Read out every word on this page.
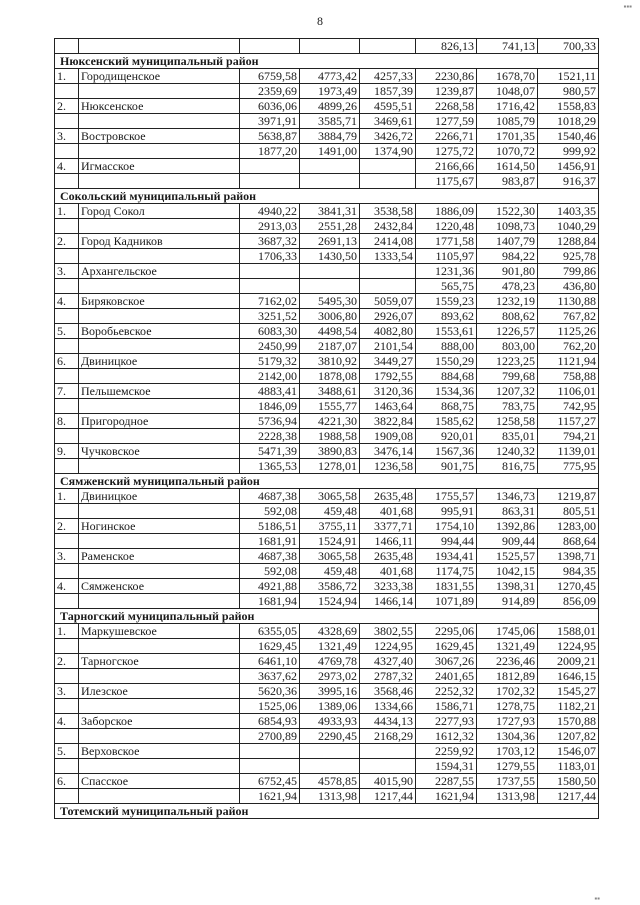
8
					826,13	741,13	700,33
Нюксенский муниципальный район							
1.	Городищенское	6759,58	4773,42	4257,33	2230,86	1678,70	1521,11
		2359,69	1973,49	1857,39	1239,87	1048,07	980,57
2.	Нюксенское	6036,06	4899,26	4595,51	2268,58	1716,42	1558,83
		3971,91	3585,71	3469,61	1277,59	1085,79	1018,29
3.	Востровское	5638,87	3884,79	3426,72	2266,71	1701,35	1540,46
		1877,20	1491,00	1374,90	1275,72	1070,72	999,92
4.	Игмасское				2166,66	1614,50	1456,91
					1175,67	983,87	916,37
Сокольский муниципальный район							
1.	Город Сокол	4940,22	3841,31	3538,58	1886,09	1522,30	1403,35
		2913,03	2551,28	2432,84	1220,48	1098,73	1040,29
2.	Город Кадников	3687,32	2691,13	2414,08	1771,58	1407,79	1288,84
		1706,33	1430,50	1333,54	1105,97	984,22	925,78
3.	Архангельское				1231,36	901,80	799,86
					565,75	478,23	436,80
4.	Биряковское	7162,02	5495,30	5059,07	1559,23	1232,19	1130,88
		3251,52	3006,80	2926,07	893,62	808,62	767,82
5.	Воробьевское	6083,30	4498,54	4082,80	1553,61	1226,57	1125,26
		2450,99	2187,07	2101,54	888,00	803,00	762,20
6.	Двиницкое	5179,32	3810,92	3449,27	1550,29	1223,25	1121,94
		2142,00	1878,08	1792,55	884,68	799,68	758,88
7.	Пельшемское	4883,41	3488,61	3120,36	1534,36	1207,32	1106,01
		1846,09	1555,77	1463,64	868,75	783,75	742,95
8.	Пригородное	5736,94	4221,30	3822,84	1585,62	1258,58	1157,27
		2228,38	1988,58	1909,08	920,01	835,01	794,21
9.	Чучковское	5471,39	3890,83	3476,14	1567,36	1240,32	1139,01
		1365,53	1278,01	1236,58	901,75	816,75	775,95
Сямженский муниципальный район							
1.	Двиницкое	4687,38	3065,58	2635,48	1755,57	1346,73	1219,87
		592,08	459,48	401,68	995,91	863,31	805,51
2.	Ногинское	5186,51	3755,11	3377,71	1754,10	1392,86	1283,00
		1681,91	1524,91	1466,11	994,44	909,44	868,64
3.	Раменское	4687,38	3065,58	2635,48	1934,41	1525,57	1398,71
		592,08	459,48	401,68	1174,75	1042,15	984,35
4.	Сямженское	4921,88	3586,72	3233,38	1831,55	1398,31	1270,45
		1681,94	1524,94	1466,14	1071,89	914,89	856,09
Тарногский муниципальный район							
1.	Маркушевское	6355,05	4328,69	3802,55	2295,06	1745,06	1588,01
		1629,45	1321,49	1224,95	1629,45	1321,49	1224,95
2.	Тарногское	6461,10	4769,78	4327,40	3067,26	2236,46	2009,21
		3637,62	2973,02	2787,32	2401,65	1812,89	1646,15
3.	Илезское	5620,36	3995,16	3568,46	2252,32	1702,32	1545,27
		1525,06	1389,06	1334,66	1586,71	1278,75	1182,21
4.	Заборское	6854,93	4933,93	4434,13	2277,93	1727,93	1570,88
		2700,89	2290,45	2168,29	1612,32	1304,36	1207,82
5.	Верховское				2259,92	1703,12	1546,07
					1594,31	1279,55	1183,01
6.	Спасское	6752,45	4578,85	4015,90	2287,55	1737,55	1580,50
		1621,94	1313,98	1217,44	1621,94	1313,98	1217,44
Тотемский муниципальный район							
▪▪▪
▪▪
